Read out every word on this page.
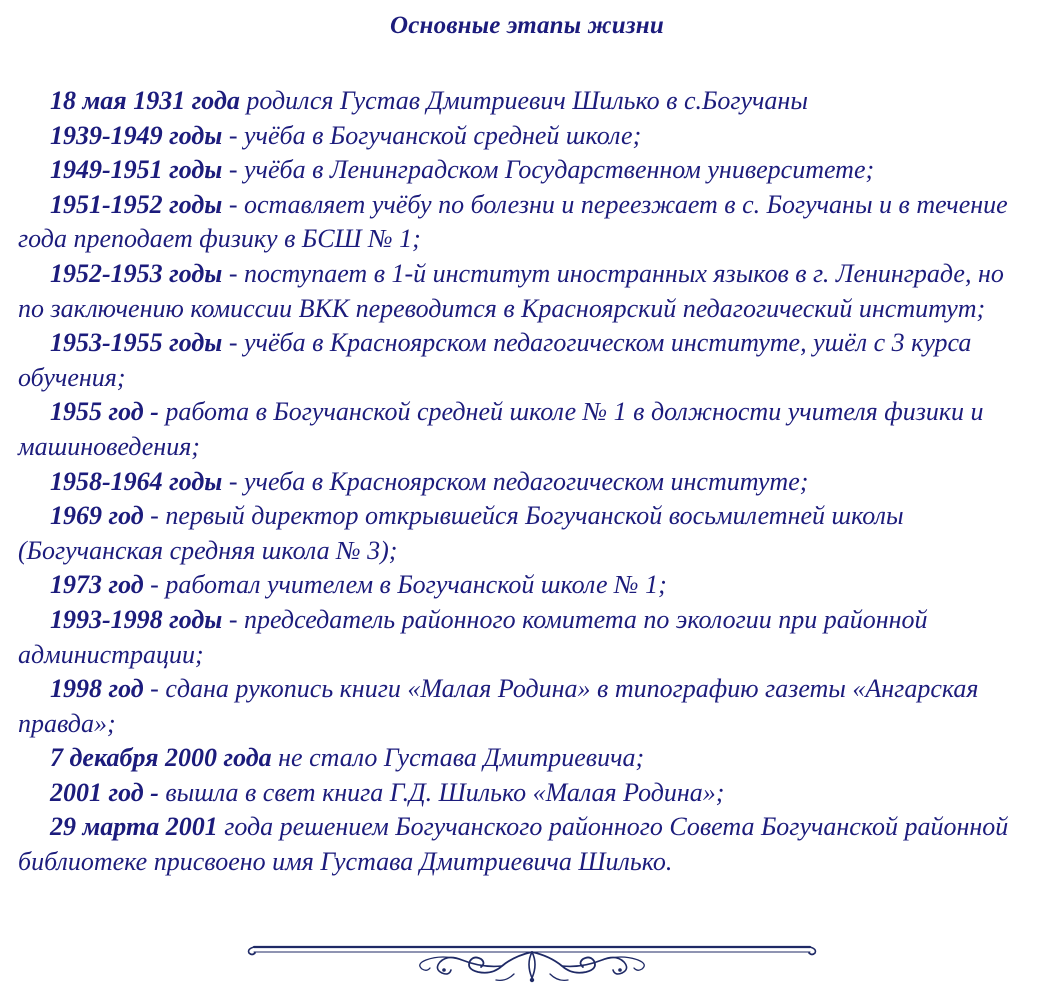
Основные этапы жизни

18 мая 1931 года родился Густав Дмитриевич Шилько в с.Богучаны

1939-1949 годы - учёба в Богучанской средней школе;

1949-1951 годы - учёба в Ленинградском Государственном университете;

1951-1952 годы - оставляет учёбу по болезни и переезжает в с. Богучаны и в течение года преподает физику в БСШ № 1;

1952-1953 годы - поступает в 1-й институт иностранных языков в г. Ленинграде, но по заключению комиссии ВКК переводится в Красноярский педагогический институт;

1953-1955 годы - учёба в Красноярском педагогическом институте, ушёл с 3 курса обучения;

1955 год - работа в Богучанской средней школе № 1 в должности учителя физики и машиноведения;

1958-1964 годы - учеба в Красноярском педагогическом институте;

1969 год - первый директор открывшейся Богучанской восьмилетней школы (Богучанская средняя школа № 3);

1973 год - работал учителем в Богучанской школе № 1;

1993-1998 годы - председатель районного комитета по экологии при районной администрации;

1998 год - сдана рукопись книги «Малая Родина» в типографию газеты «Ангарская правда»;

7 декабря 2000 года не стало Густава Дмитриевича;

2001 год - вышла в свет книга Г.Д. Шилько «Малая Родина»;

29 марта 2001 года решением Богучанского районного Совета Богучанской районной библиотеке присвоено имя Густава Дмитриевича Шилько.
